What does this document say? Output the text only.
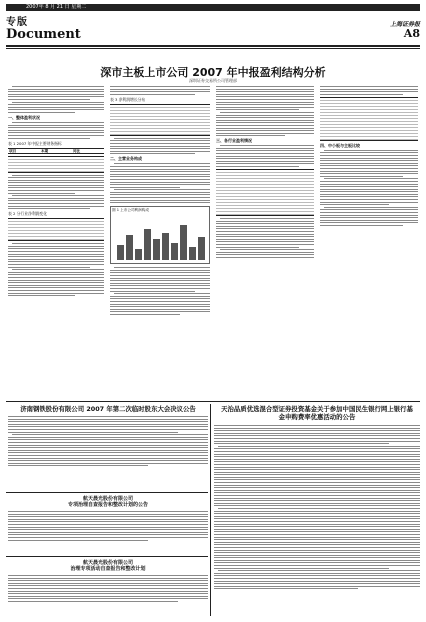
2007年 8 月 21 日 星期二
专版
Document
上海证券报
A8
深市主板上市公司 2007 年中报盈利结构分析
深圳证券交易所公司管理部
一、整体盈利状况
表 1 2007 年中报主要财务指标
项目	本期	同比
表 2 分行业净利润变化
表 3 净利润增长分布
二、主营业务构成
图 1 上市公司利润构成
三、各行业盈利情况
四、中小板与主板比较
济南钢铁股份有限公司 2007 年第二次临时股东大会决议公告	天治品质优选混合型证券投资基金关于参加中国民生银行网上银行基金申购费率优惠活动的公告
航天晨光股份有限公司
专项治理自查报告和整改计划的公告
航天晨光股份有限公司
治理专项活动自查报告和整改计划
